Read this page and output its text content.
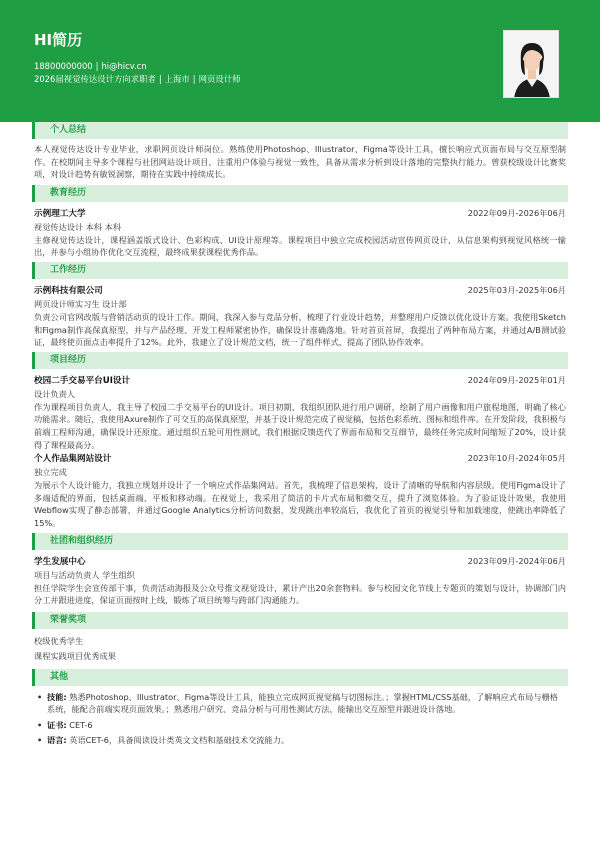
HI简历
18800000000 | hi@hicv.cn
2026届视觉传达设计方向求职者 | 上海市 | 网页设计师
个人总结
本人视觉传达设计专业毕业，求职网页设计师岗位。熟练使用Photoshop、Illustrator、Figma等设计工具，擅长响应式页面布局与交互原型制作。在校期间主导多个课程与社团网站设计项目，注重用户体验与视觉一致性，具备从需求分析到设计落地的完整执行能力。曾获校级设计比赛奖项，对设计趋势有敏锐洞察，期待在实践中持续成长。
教育经历
示例理工大学	2022年09月-2026年06月
视觉传达设计 本科 本科
主修视觉传达设计，课程涵盖版式设计、色彩构成、UI设计原理等。课程项目中独立完成校园活动宣传网页设计，从信息架构到视觉风格统一输出，并参与小组协作优化交互流程，最终成果获课程优秀作品。
工作经历
示例科技有限公司	2025年03月-2025年06月
网页设计师实习生 设计部
负责公司官网改版与营销活动页的设计工作。期间，我深入参与竞品分析，梳理了行业设计趋势，并整理用户反馈以优化设计方案。我使用Sketch和Figma制作高保真原型，并与产品经理、开发工程师紧密协作，确保设计准确落地。针对首页首屏，我提出了两种布局方案，并通过A/B测试验证，最终使页面点击率提升了12%。此外，我建立了设计规范文档，统一了组件样式，提高了团队协作效率。
项目经历
校园二手交易平台UI设计	2024年09月-2025年01月
设计负责人
作为课程项目负责人，我主导了校园二手交易平台的UI设计。项目初期，我组织团队进行用户调研，绘制了用户画像和用户旅程地图，明确了核心功能需求。随后，我使用Axure制作了可交互的高保真原型，并基于设计规范完成了视觉稿，包括色彩系统、图标和组件库。在开发阶段，我积极与前端工程师沟通，确保设计还原度。通过组织五轮可用性测试，我们根据反馈迭代了界面布局和交互细节，最终任务完成时间缩短了20%，设计获得了课程最高分。
个人作品集网站设计	2023年10月-2024年05月
独立完成
为展示个人设计能力，我独立规划并设计了一个响应式作品集网站。首先，我梳理了信息架构，设计了清晰的导航和内容层级。使用Figma设计了多端适配的界面，包括桌面端、平板和移动端。在视觉上，我采用了简洁的卡片式布局和微交互，提升了浏览体验。为了验证设计效果，我使用Webflow实现了静态部署，并通过Google Analytics分析访问数据，发现跳出率较高后，我优化了首页的视觉引导和加载速度，使跳出率降低了15%。
社团和组织经历
学生发展中心	2023年09月-2024年06月
项目与活动负责人 学生组织
担任学院学生会宣传部干事，负责活动海报及公众号推文视觉设计，累计产出20余套物料。参与校园文化节线上专题页的策划与设计，协调部门内分工并跟进进度，保证页面按时上线，锻炼了项目统筹与跨部门沟通能力。
荣誉奖项
校级优秀学生
课程实践项目优秀成果
其他
• 技能: 熟悉Photoshop、Illustrator、Figma等设计工具，能独立完成网页视觉稿与切图标注。；掌握HTML/CSS基础，了解响应式布局与栅格系统，能配合前端实现页面效果。；熟悉用户研究、竞品分析与可用性测试方法，能输出交互原型并跟进设计落地。
• 证书: CET-6
• 语言: 英语CET-6，具备阅读设计类英文文档和基础技术交流能力。
